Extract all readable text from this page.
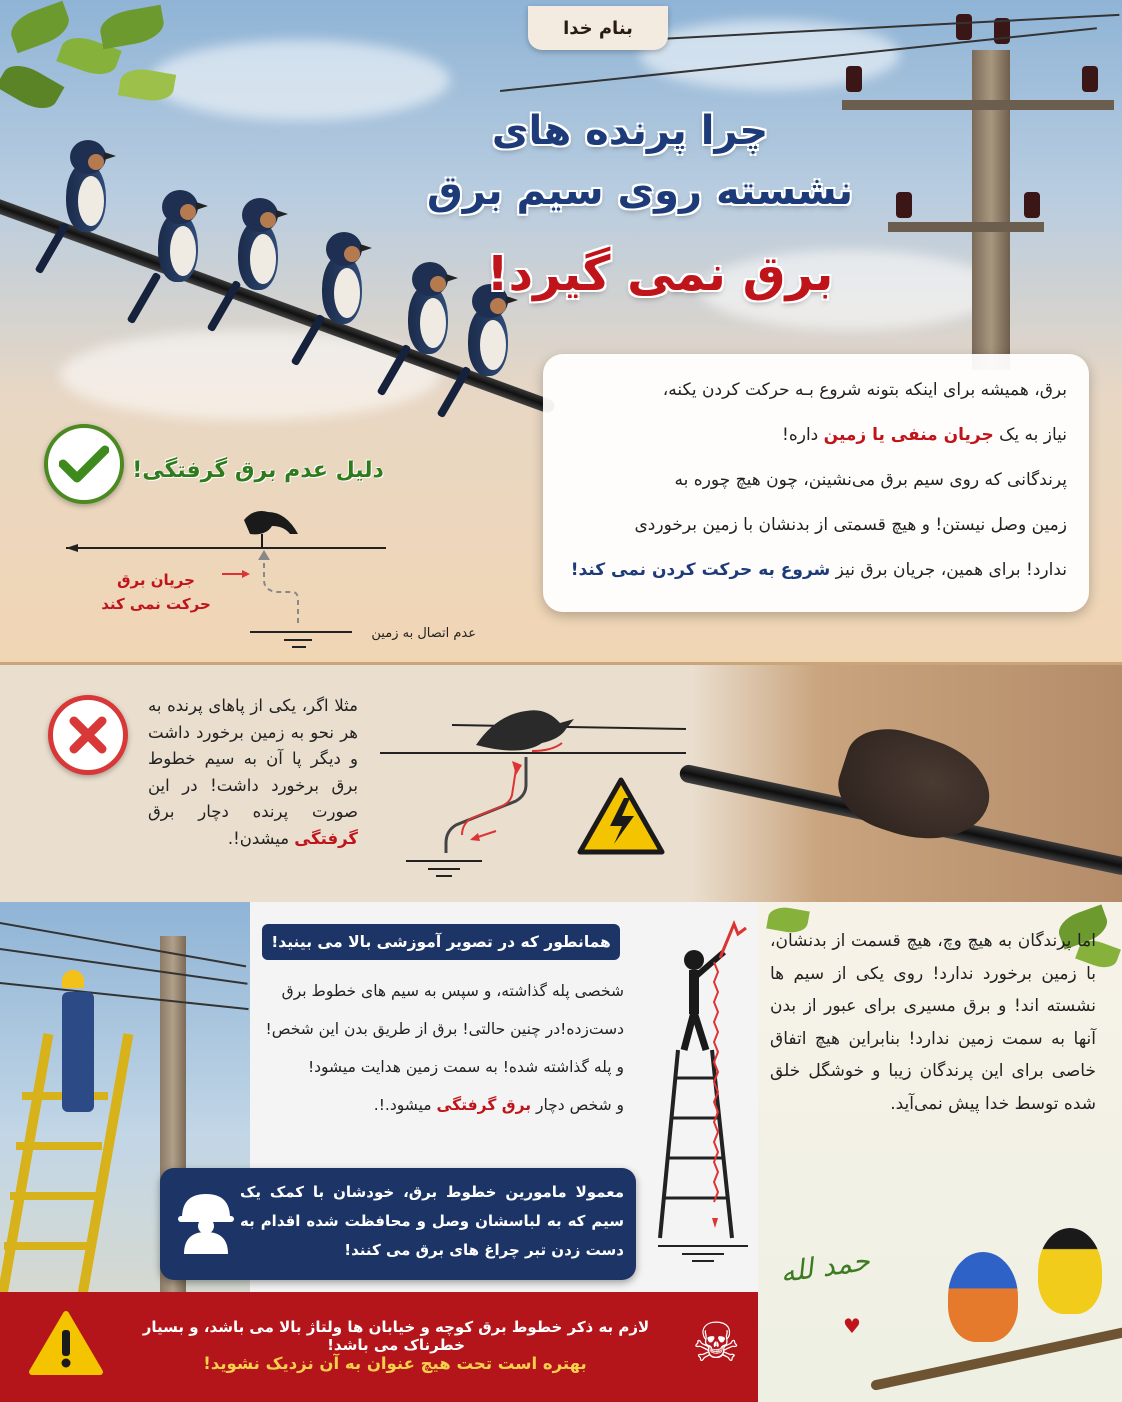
بنام خدا
چرا پرنده های
نشسته روی سیم برق
برق نمی گیرد!
برق، همیشه برای اینکه بتونه شروع بـه حرکت کردن یکنه،
نیاز به یک جریان منفی یا زمین داره!
پرندگانی که روی سیم برق می‌نشینن، چون هیچ چوره به
زمین وصل نیستن! و هیچ قسمتی از بدنشان با زمین برخوردی
ندارد! برای همین، جریان برق نیز شروع به حرکت کردن نمی کند!
دلیل عدم برق گرفتگی!
جریان برق
حرکت نمی کند
عدم اتصال به زمین
مثلا اگر، یکی از پاهای پرنده به هر نحو به زمین برخورد داشت و دیگر پا آن به سیم خطوط برق برخورد داشت! در این صورت پرنده دچار برق گرفتگی میشدن!.
همانطور که در تصویر آموزشی بالا می بینید!
شخصی پله گذاشته، و سپس به سیم های خطوط برق
دست‌زده!در چنین حالتی! برق از طریق بدن این شخص!
و پله گذاشته شده! به سمت زمین هدایت میشود!
و شخص دچار برق گرفتگی میشود.!.
معمولا مامورین خطوط برق، خودشان با کمک یک سیم که به لباسشان وصل و محافظت شده اقدام به دست زدن تبر چراغ های برق می کنند!
اما پرندگان به هیچ وچ، هیچ قسمت از بدنشان، با زمین برخورد ندارد! روی یکی از سیم ها نشسته اند! و برق مسیری برای عبور از بدن آنها به سمت زمین ندارد! بنابراین هیچ اتفاق خاصی برای این پرندگان زیبا و خوشگل خلق شده توسط خدا پیش نمی‌آید.
حمد لله
♥
لازم به ذکر خطوط برق کوچه و خیابان ها ولتاژ بالا می باشد، و بسیار خطرناک می باشد!
بهتره است تحت هیچ عنوان به آن نزدیک نشوید!	☠
